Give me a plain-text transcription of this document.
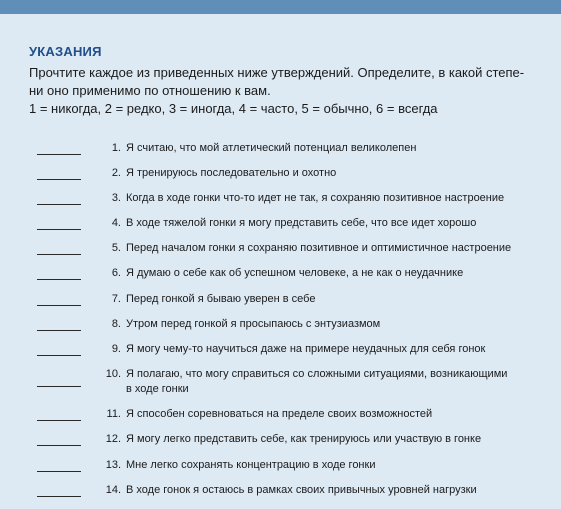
УКАЗАНИЯ

Прочтите каждое из приведенных ниже утверждений. Определите, в какой степе-

ни оно применимо по отношению к вам.

1 = никогда, 2 = редко, 3 = иногда, 4 = часто, 5 = обычно, 6 = всегда

1. Я считаю, что мой атлетический потенциал великолепен
2. Я тренируюсь последовательно и охотно
3. Когда в ходе гонки что-то идет не так, я сохраняю позитивное настроение
4. В ходе тяжелой гонки я могу представить себе, что все идет хорошо
5. Перед началом гонки я сохраняю позитивное и оптимистичное настроение
6. Я думаю о себе как об успешном человеке, а не как о неудачнике
7. Перед гонкой я бываю уверен в себе
8. Утром перед гонкой я просыпаюсь с энтузиазмом
9. Я могу чему-то научиться даже на примере неудачных для себя гонок
10. Я полагаю, что могу справиться со сложными ситуациями, возникающими
в ходе гонки
11. Я способен соревноваться на пределе своих возможностей
12. Я могу легко представить себе, как тренируюсь или участвую в гонке
13. Мне легко сохранять концентрацию в ходе гонки
14. В ходе гонок я остаюсь в рамках своих привычных уровней нагрузки
